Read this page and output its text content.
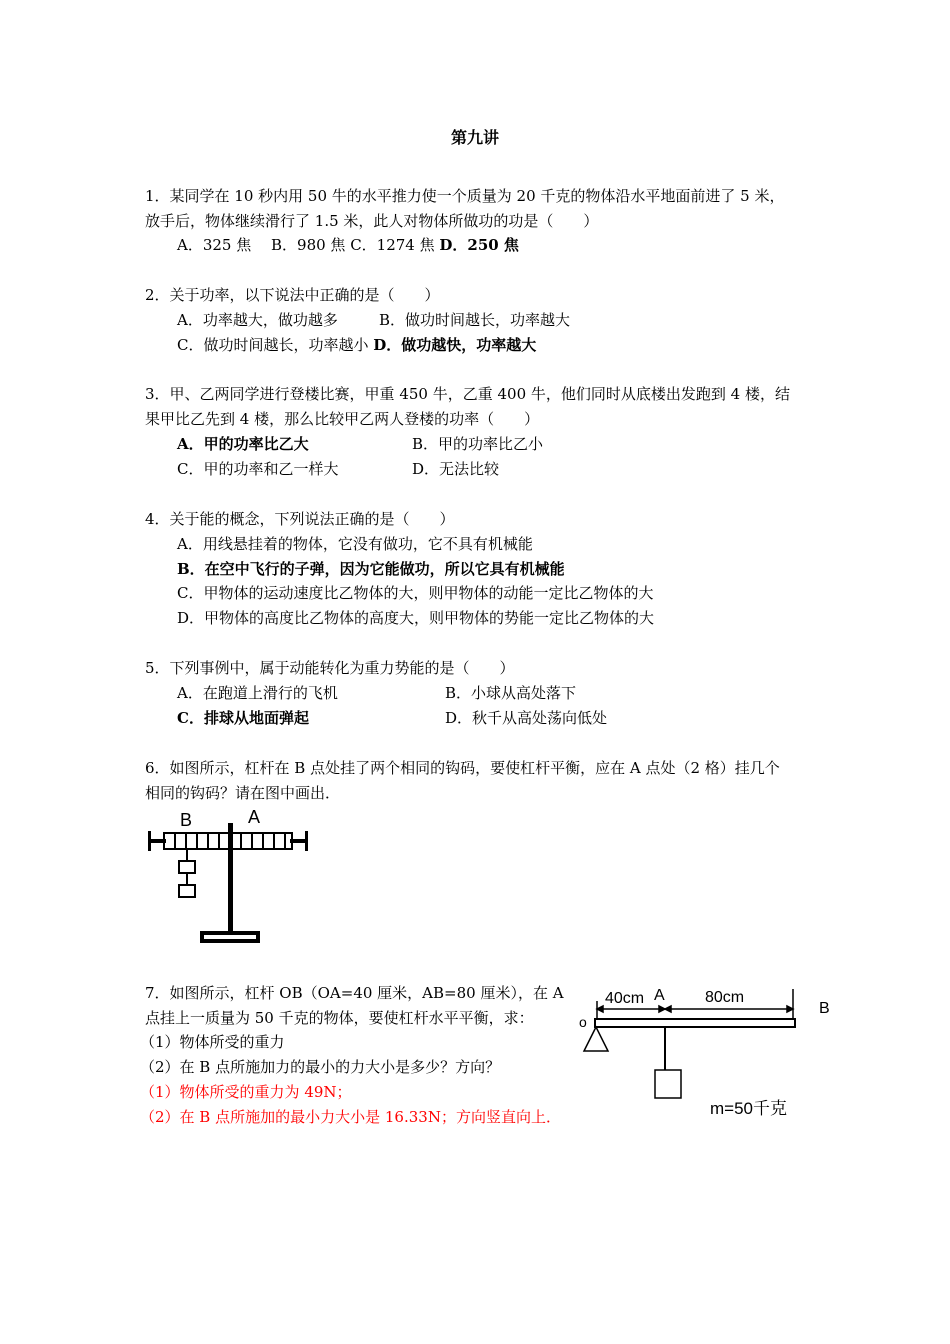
第九讲
1．某同学在 10 秒内用 50 牛的水平推力使一个质量为 20 千克的物体沿水平地面前进了 5 米，
放手后，物体继续滑行了 1.5 米，此人对物体所做功的功是（　　）
A．325 焦　 B．980 焦 C．1274 焦 D．250 焦
2．关于功率，以下说法中正确的是（　　）
A．功率越大，做功越多	B．做功时间越长，功率越大
C．做功时间越长，功率越小 D．做功越快，功率越大
3．甲、乙两同学进行登楼比赛，甲重 450 牛，乙重 400 牛，他们同时从底楼出发跑到 4 楼，结
果甲比乙先到 4 楼，那么比较甲乙两人登楼的功率（　　）
A．甲的功率比乙大	B．甲的功率比乙小
C．甲的功率和乙一样大	D．无法比较
4．关于能的概念，下列说法正确的是（　　）
A．用线悬挂着的物体，它没有做功，它不具有机械能
B．在空中飞行的子弹，因为它能做功，所以它具有机械能
C．甲物体的运动速度比乙物体的大，则甲物体的动能一定比乙物体的大
D．甲物体的高度比乙物体的高度大，则甲物体的势能一定比乙物体的大
5．下列事例中，属于动能转化为重力势能的是（　　）
A．在跑道上滑行的飞机	B．小球从高处落下
C．排球从地面弹起	D．秋千从高处荡向低处
6．如图所示，杠杆在 B 点处挂了两个相同的钩码，要使杠杆平衡，应在 A 点处（2 格）挂几个
相同的钩码？请在图中画出．
B	A
7．如图所示，杠杆 OB（OA=40 厘米，AB=80 厘米），在 A
点挂上一质量为 50 千克的物体，要使杠杆水平平衡，求：
（1）物体所受的重力
（2）在 B 点所施加力的最小的力大小是多少？方向？
（1）物体所受的重力为 49N；
（2）在 B 点所施加的最小力大小是 16.33N；方向竖直向上．
40cm A	80cm
B
o
m=50千克
